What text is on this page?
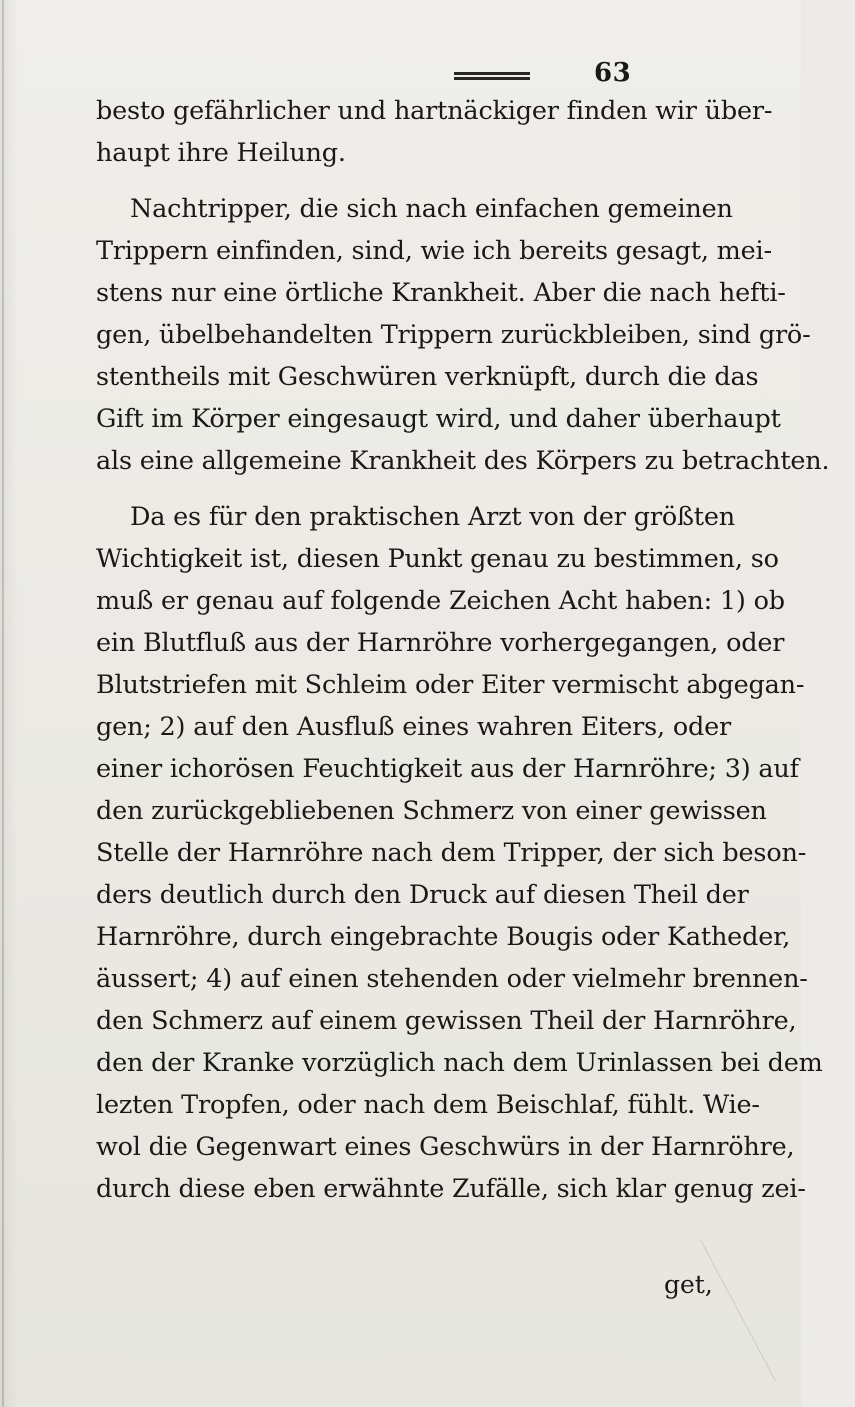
63
besto gefährlicher und hartnäckiger finden wir über-
haupt ihre Heilung.
Nachtripper, die sich nach einfachen gemeinen
Trippern einfinden, sind, wie ich bereits gesagt, mei-
stens nur eine örtliche Krankheit. Aber die nach hefti-
gen, übelbehandelten Trippern zurückbleiben, sind grö-
stentheils mit Geschwüren verknüpft, durch die das
Gift im Körper eingesaugt wird, und daher überhaupt
als eine allgemeine Krankheit des Körpers zu betrachten.
Da es für den praktischen Arzt von der größten
Wichtigkeit ist, diesen Punkt genau zu bestimmen, so
muß er genau auf folgende Zeichen Acht haben: 1) ob
ein Blutfluß aus der Harnröhre vorhergegangen, oder
Blutstriefen mit Schleim oder Eiter vermischt abgegan-
gen; 2) auf den Ausfluß eines wahren Eiters, oder
einer ichorösen Feuchtigkeit aus der Harnröhre; 3) auf
den zurückgebliebenen Schmerz von einer gewissen
Stelle der Harnröhre nach dem Tripper, der sich beson-
ders deutlich durch den Druck auf diesen Theil der
Harnröhre, durch eingebrachte Bougis oder Katheder,
äussert; 4) auf einen stehenden oder vielmehr brennen-
den Schmerz auf einem gewissen Theil der Harnröhre,
den der Kranke vorzüglich nach dem Urinlassen bei dem
lezten Tropfen, oder nach dem Beischlaf, fühlt. Wie-
wol die Gegenwart eines Geschwürs in der Harnröhre,
durch diese eben erwähnte Zufälle, sich klar genug zei-
get,
